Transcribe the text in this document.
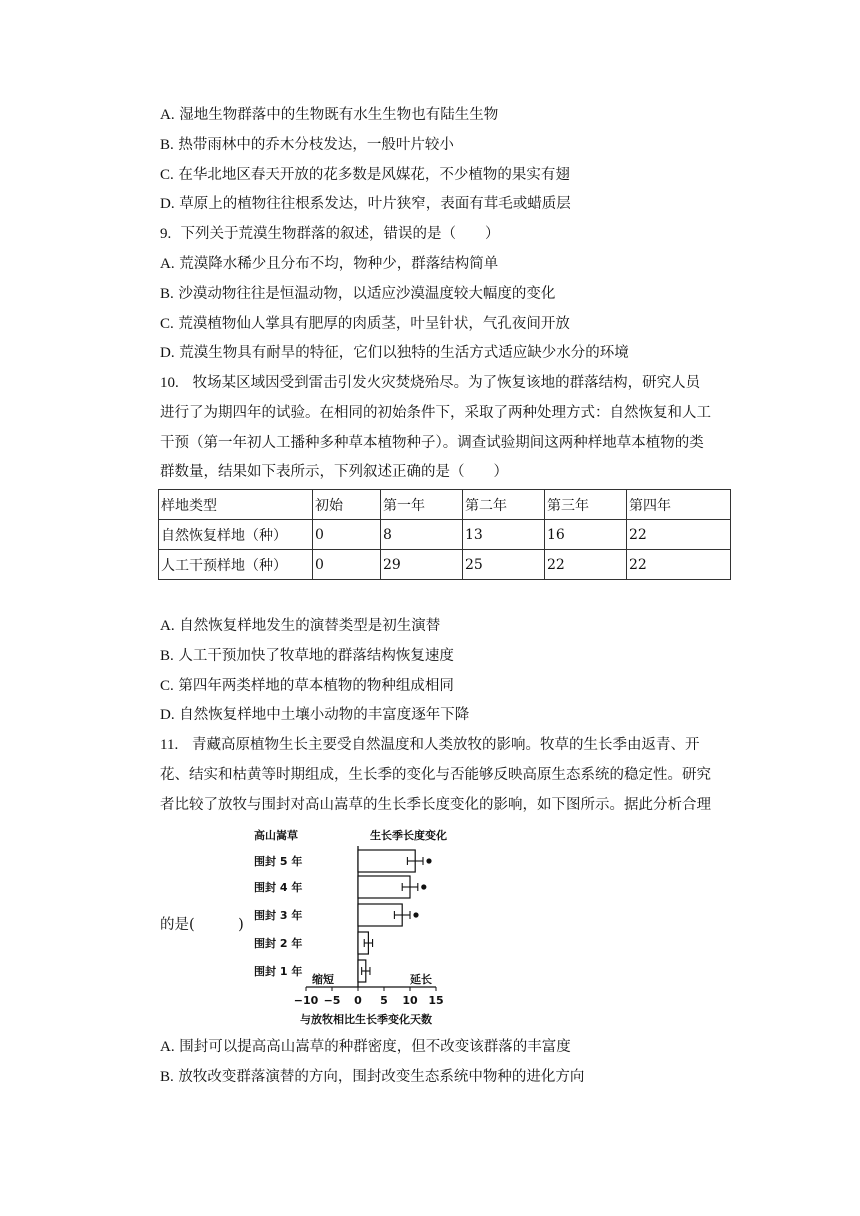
A. 湿地生物群落中的生物既有水生生物也有陆生生物
B. 热带雨林中的乔木分枝发达，一般叶片较小
C. 在华北地区春天开放的花多数是风媒花，不少植物的果实有翅
D. 草原上的植物往往根系发达，叶片狭窄，表面有茸毛或蜡质层
9. 下列关于荒漠生物群落的叙述，错误的是（　　）
A. 荒漠降水稀少且分布不均，物种少，群落结构简单
B. 沙漠动物往往是恒温动物，以适应沙漠温度较大幅度的变化
C. 荒漠植物仙人掌具有肥厚的肉质茎，叶呈针状，气孔夜间开放
D. 荒漠生物具有耐旱的特征，它们以独特的生活方式适应缺少水分的环境
10. 牧场某区域因受到雷击引发火灾焚烧殆尽。为了恢复该地的群落结构，研究人员
进行了为期四年的试验。在相同的初始条件下，采取了两种处理方式：自然恢复和人工
干预（第一年初人工播种多种草本植物种子）。调查试验期间这两种样地草本植物的类
群数量，结果如下表所示，下列叙述正确的是（　　）
样地类型	初始	第一年	第二年	第三年	第四年
自然恢复样地（种）	0	8	13	16	22
人工干预样地（种）	0	29	25	22	22
A. 自然恢复样地发生的演替类型是初生演替
B. 人工干预加快了牧草地的群落结构恢复速度
C. 第四年两类样地的草本植物的物种组成相同
D. 自然恢复样地中土壤小动物的丰富度逐年下降
11. 青藏高原植物生长主要受自然温度和人类放牧的影响。牧草的生长季由返青、开
花、结实和枯黄等时期组成，生长季的变化与否能够反映高原生态系统的稳定性。研究
者比较了放牧与围封对高山嵩草的生长季长度变化的影响，如下图所示。据此分析合理
的是(　　　)
高山嵩草	生长季长度变化
围封 5 年
围封 4 年
围封 3 年
围封 2 年
围封 1 年
缩短	延长
−10 −5 0 5 10 15
与放牧相比生长季变化天数
A. 围封可以提高高山嵩草的种群密度，但不改变该群落的丰富度
B. 放牧改变群落演替的方向，围封改变生态系统中物种的进化方向
